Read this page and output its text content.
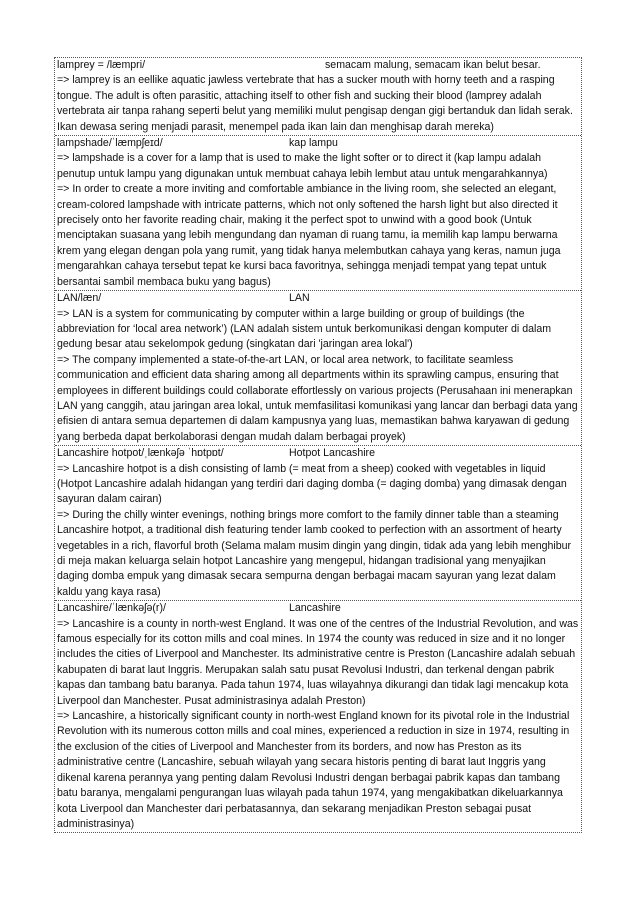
lamprey = /læmpri/	semacam malung, semacam ikan belut besar.

=> lamprey is an eellike aquatic jawless vertebrate that has a sucker mouth with horny teeth and a rasping tongue. The adult is often parasitic, attaching itself to other fish and sucking their blood (lamprey adalah vertebrata air tanpa rahang seperti belut yang memiliki mulut pengisap dengan gigi bertanduk dan lidah serak. Ikan dewasa sering menjadi parasit, menempel pada ikan lain dan menghisap darah mereka)

lampshade/ˈlæmpʃeɪd/	kap lampu

=> lampshade is a cover for a lamp that is used to make the light softer or to direct it (kap lampu adalah penutup untuk lampu yang digunakan untuk membuat cahaya lebih lembut atau untuk mengarahkannya)

=> In order to create a more inviting and comfortable ambiance in the living room, she selected an elegant, cream-colored lampshade with intricate patterns, which not only softened the harsh light but also directed it precisely onto her favorite reading chair, making it the perfect spot to unwind with a good book (Untuk menciptakan suasana yang lebih mengundang dan nyaman di ruang tamu, ia memilih kap lampu berwarna krem yang elegan dengan pola yang rumit, yang tidak hanya melembutkan cahaya yang keras, namun juga mengarahkan cahaya tersebut tepat ke kursi baca favoritnya, sehingga menjadi tempat yang tepat untuk bersantai sambil membaca buku yang bagus)

LAN/læn/	LAN

=> LAN is a system for communicating by computer within a large building or group of buildings (the abbreviation for ‘local area network’) (LAN adalah sistem untuk berkomunikasi dengan komputer di dalam gedung besar atau sekelompok gedung (singkatan dari 'jaringan area lokal')

=> The company implemented a state-of-the-art LAN, or local area network, to facilitate seamless communication and efficient data sharing among all departments within its sprawling campus, ensuring that employees in different buildings could collaborate effortlessly on various projects (Perusahaan ini menerapkan LAN yang canggih, atau jaringan area lokal, untuk memfasilitasi komunikasi yang lancar dan berbagi data yang efisien di antara semua departemen di dalam kampusnya yang luas, memastikan bahwa karyawan di gedung yang berbeda dapat berkolaborasi dengan mudah dalam berbagai proyek)

Lancashire hotpot/ˌlænkəʃə ˈhɒtpɒt/	Hotpot Lancashire

=> Lancashire hotpot is a dish consisting of lamb (= meat from a sheep) cooked with vegetables in liquid (Hotpot Lancashire adalah hidangan yang terdiri dari daging domba (= daging domba) yang dimasak dengan sayuran dalam cairan)

=> During the chilly winter evenings, nothing brings more comfort to the family dinner table than a steaming Lancashire hotpot, a traditional dish featuring tender lamb cooked to perfection with an assortment of hearty vegetables in a rich, flavorful broth (Selama malam musim dingin yang dingin, tidak ada yang lebih menghibur di meja makan keluarga selain hotpot Lancashire yang mengepul, hidangan tradisional yang menyajikan daging domba empuk yang dimasak secara sempurna dengan berbagai macam sayuran yang lezat dalam kaldu yang kaya rasa)

Lancashire/ˈlænkəʃə(r)/	Lancashire

=> Lancashire is a county in north-west England. It was one of the centres of the Industrial Revolution, and was famous especially for its cotton mills and coal mines. In 1974 the county was reduced in size and it no longer includes the cities of Liverpool and Manchester. Its administrative centre is Preston (Lancashire adalah sebuah kabupaten di barat laut Inggris. Merupakan salah satu pusat Revolusi Industri, dan terkenal dengan pabrik kapas dan tambang batu baranya. Pada tahun 1974, luas wilayahnya dikurangi dan tidak lagi mencakup kota Liverpool dan Manchester. Pusat administrasinya adalah Preston)

=> Lancashire, a historically significant county in north-west England known for its pivotal role in the Industrial Revolution with its numerous cotton mills and coal mines, experienced a reduction in size in 1974, resulting in the exclusion of the cities of Liverpool and Manchester from its borders, and now has Preston as its administrative centre (Lancashire, sebuah wilayah yang secara historis penting di barat laut Inggris yang dikenal karena perannya yang penting dalam Revolusi Industri dengan berbagai pabrik kapas dan tambang batu baranya, mengalami pengurangan luas wilayah pada tahun 1974, yang mengakibatkan dikeluarkannya kota Liverpool dan Manchester dari perbatasannya, dan sekarang menjadikan Preston sebagai pusat administrasinya)
